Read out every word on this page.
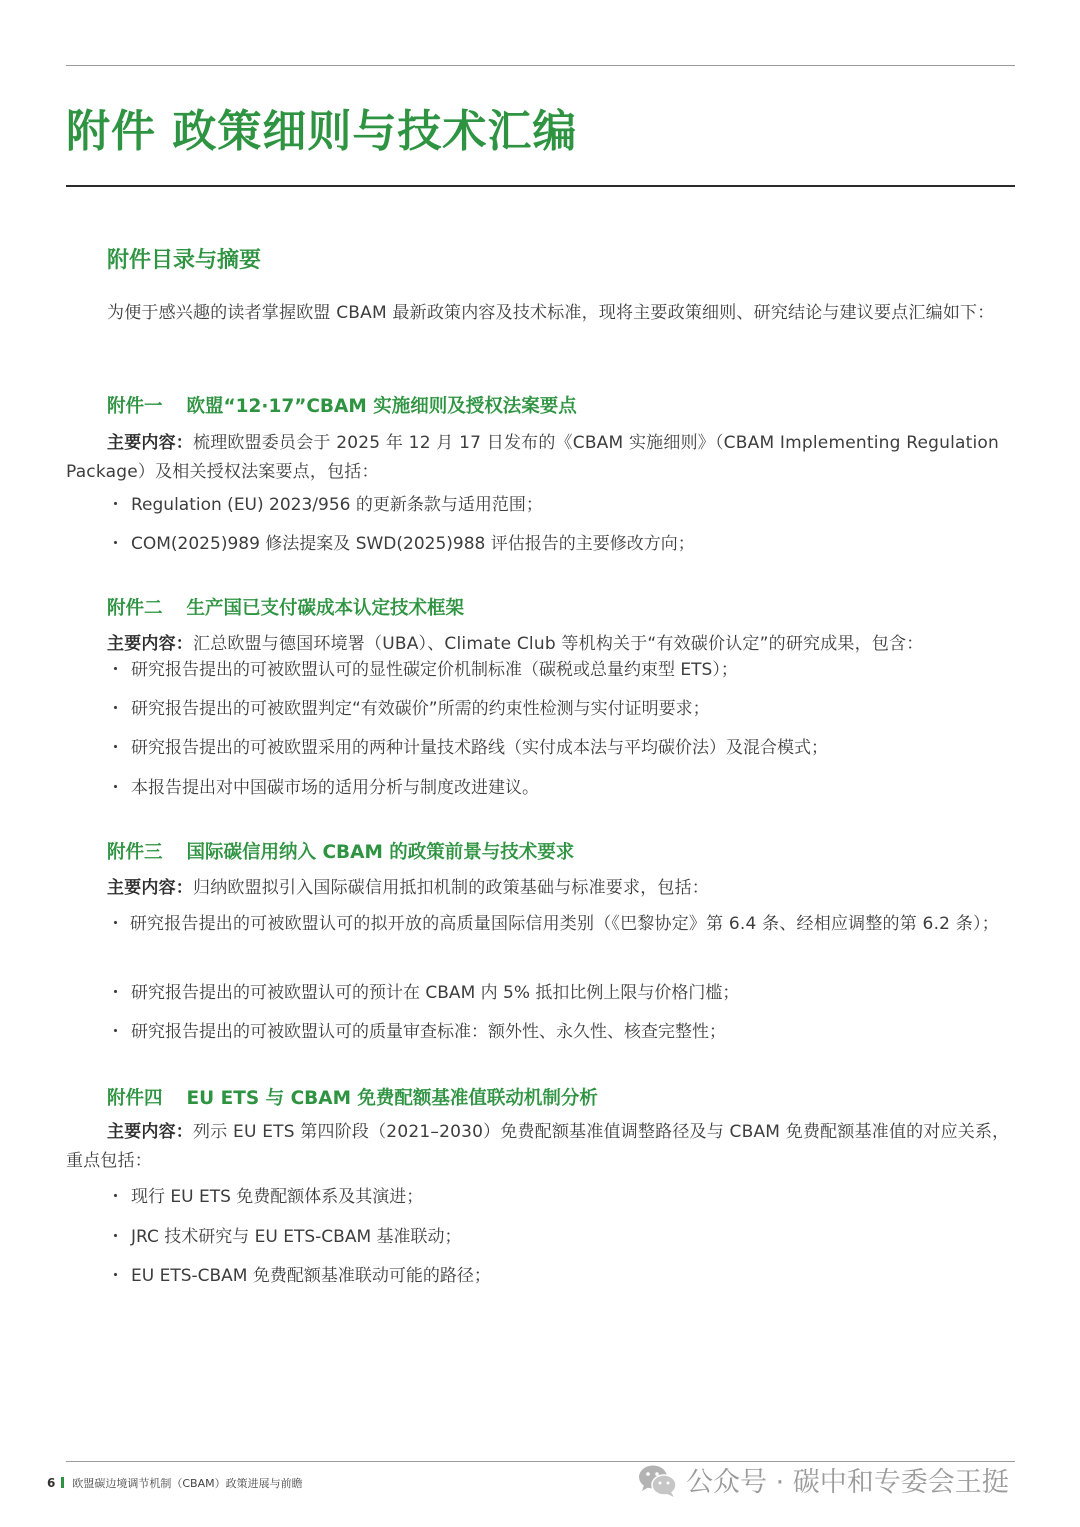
附件 政策细则与技术汇编
附件目录与摘要

为便于感兴趣的读者掌握欧盟 CBAM 最新政策内容及技术标准，现将主要政策细则、研究结论与建议要点汇编如下：

附件一 欧盟“12·17”CBAM 实施细则及授权法案要点

主要内容：梳理欧盟委员会于 2025 年 12 月 17 日发布的《CBAM 实施细则》（CBAM Implementing Regulation Package）及相关授权法案要点，包括：

・ Regulation (EU) 2023/956 的更新条款与适用范围；

・ COM(2025)989 修法提案及 SWD(2025)988 评估报告的主要修改方向；

附件二 生产国已支付碳成本认定技术框架

主要内容：汇总欧盟与德国环境署（UBA）、Climate Club 等机构关于“有效碳价认定”的研究成果，包含：

・ 研究报告提出的可被欧盟认可的显性碳定价机制标准（碳税或总量约束型 ETS）；

・ 研究报告提出的可被欧盟判定“有效碳价”所需的约束性检测与实付证明要求；

・ 研究报告提出的可被欧盟采用的两种计量技术路线（实付成本法与平均碳价法）及混合模式；

・ 本报告提出对中国碳市场的适用分析与制度改进建议。

附件三 国际碳信用纳入 CBAM 的政策前景与技术要求

主要内容：归纳欧盟拟引入国际碳信用抵扣机制的政策基础与标准要求，包括：

・ 研究报告提出的可被欧盟认可的拟开放的高质量国际信用类别（《巴黎协定》第 6.4 条、经相应调整的第 6.2 条）；

・ 研究报告提出的可被欧盟认可的预计在 CBAM 内 5% 抵扣比例上限与价格门槛；

・ 研究报告提出的可被欧盟认可的质量审查标准：额外性、永久性、核查完整性；

附件四 EU ETS 与 CBAM 免费配额基准值联动机制分析

主要内容：列示 EU ETS 第四阶段（2021–2030）免费配额基准值调整路径及与 CBAM 免费配额基准值的对应关系，重点包括：

・ 现行 EU ETS 免费配额体系及其演进；

・ JRC 技术研究与 EU ETS-CBAM 基准联动；

・ EU ETS-CBAM 免费配额基准联动可能的路径；

6 欧盟碳边境调节机制（CBAM）政策进展与前瞻	公众号 · 碳中和专委会王挺
